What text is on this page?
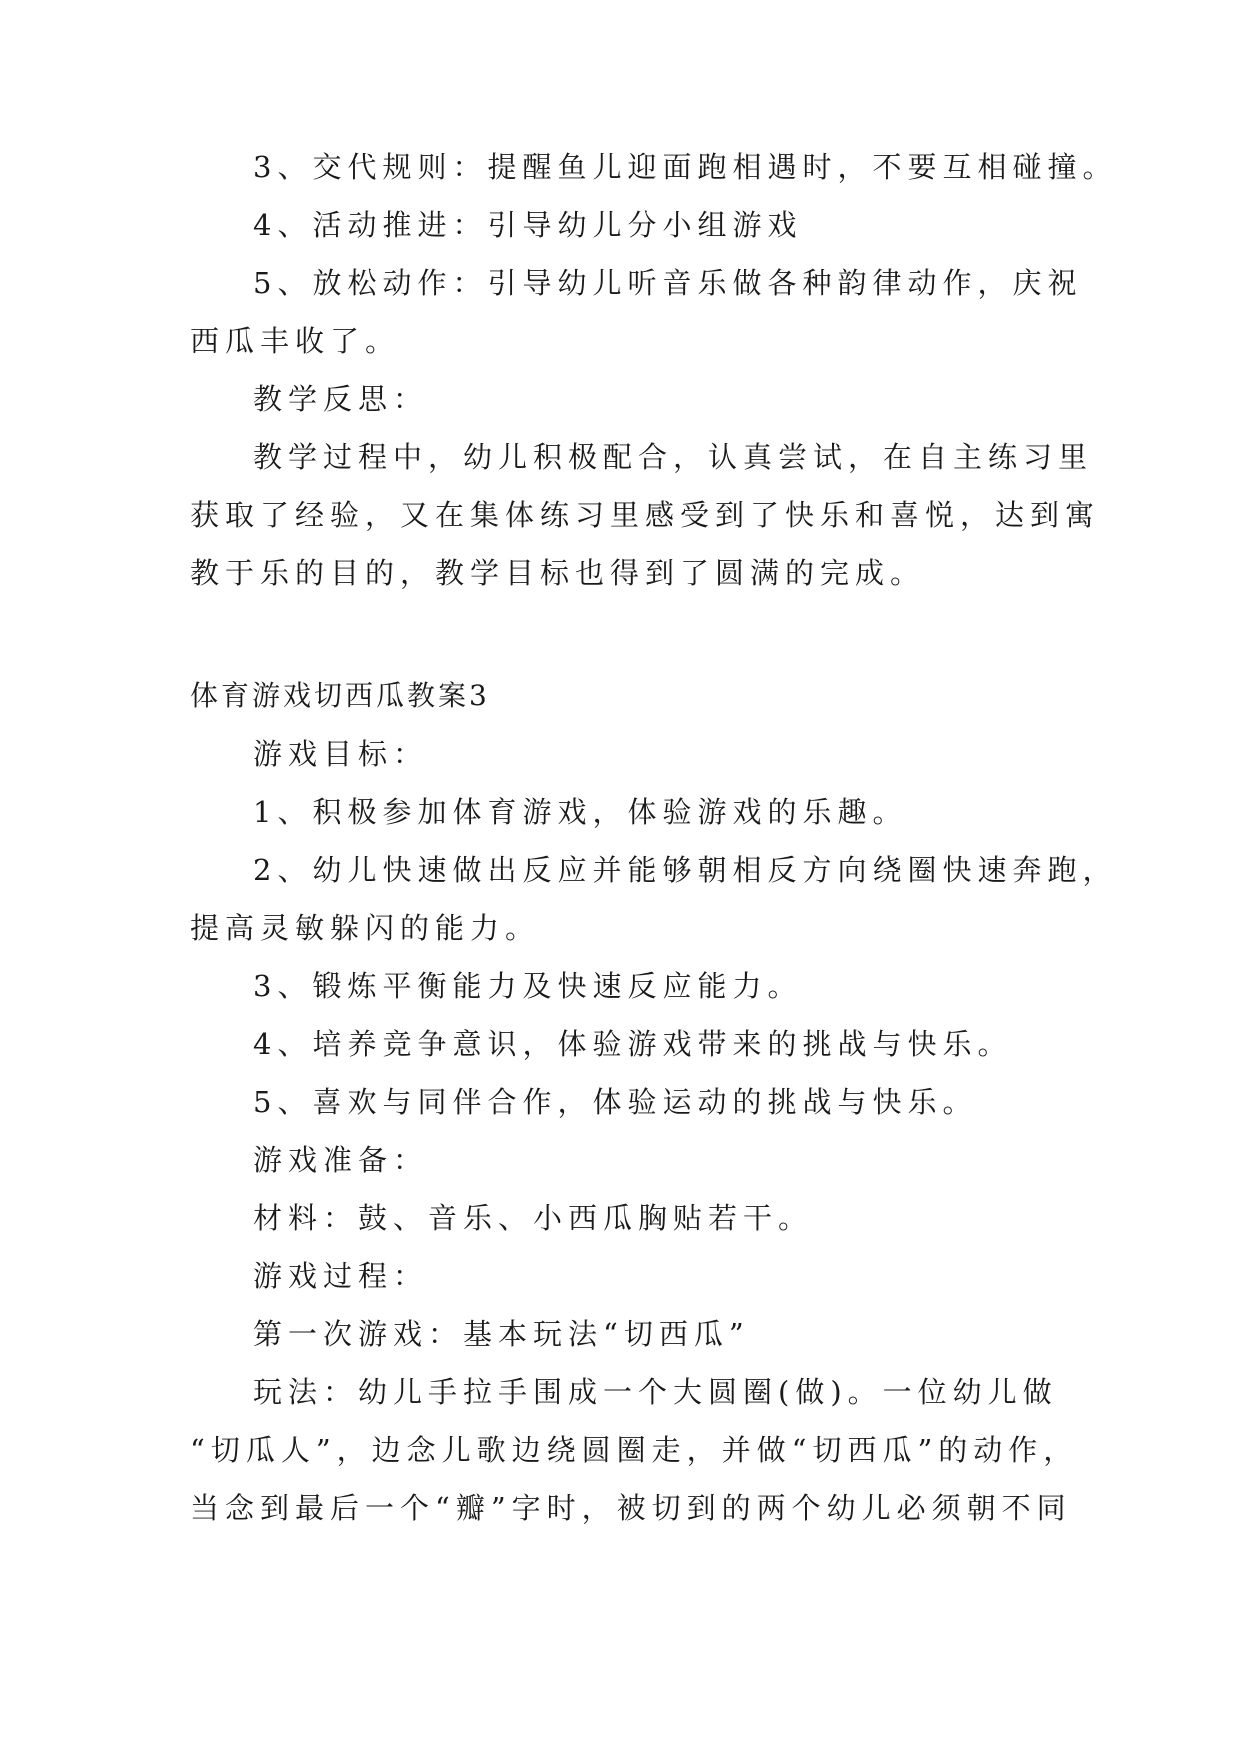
3、交代规则：提醒鱼儿迎面跑相遇时，不要互相碰撞。
4、活动推进：引导幼儿分小组游戏
5、放松动作：引导幼儿听音乐做各种韵律动作，庆祝
西瓜丰收了。
教学反思：
教学过程中，幼儿积极配合，认真尝试，在自主练习里
获取了经验，又在集体练习里感受到了快乐和喜悦，达到寓
教于乐的目的，教学目标也得到了圆满的完成。
体育游戏切西瓜教案3
游戏目标：
1、积极参加体育游戏，体验游戏的乐趣。
2、幼儿快速做出反应并能够朝相反方向绕圈快速奔跑，
提高灵敏躲闪的能力。
3、锻炼平衡能力及快速反应能力。
4、培养竞争意识，体验游戏带来的挑战与快乐。
5、喜欢与同伴合作，体验运动的挑战与快乐。
游戏准备：
材料：鼓、音乐、小西瓜胸贴若干。
游戏过程：
第一次游戏：基本玩法“切西瓜”
玩法：幼儿手拉手围成一个大圆圈(做)。一位幼儿做
“切瓜人”，边念儿歌边绕圆圈走，并做“切西瓜”的动作，
当念到最后一个“瓣”字时，被切到的两个幼儿必须朝不同
